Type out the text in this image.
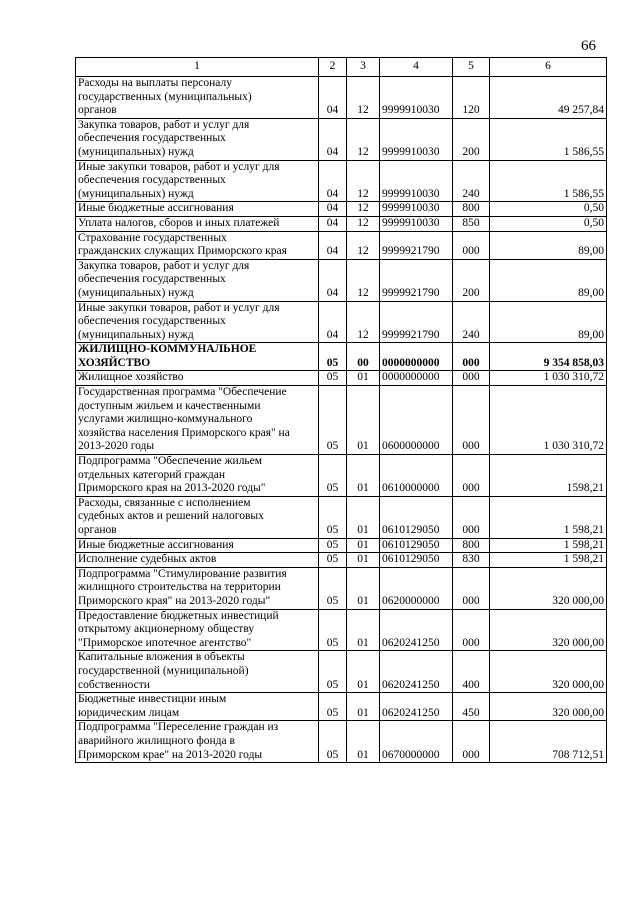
66
1	2	3	4	5	6

Расходы на выплаты персоналу
государственных (муниципальных)
органов	04	12	9999910030	120	49 257,84

Закупка товаров, работ и услуг для
обеспечения государственных
(муниципальных) нужд	04	12	9999910030	200	1 586,55

Иные закупки товаров, работ и услуг для
обеспечения государственных
(муниципальных) нужд	04	12	9999910030	240	1 586,55

Иные бюджетные ассигнования	04	12	9999910030	800	0,50

Уплата налогов, сборов и иных платежей	04	12	9999910030	850	0,50

Страхование государственных
гражданских служащих Приморского края	04	12	9999921790	000	89,00

Закупка товаров, работ и услуг для
обеспечения государственных
(муниципальных) нужд	04	12	9999921790	200	89,00

Иные закупки товаров, работ и услуг для
обеспечения государственных
(муниципальных) нужд	04	12	9999921790	240	89,00

ЖИЛИЩНО-КОММУНАЛЬНОЕ
ХОЗЯЙСТВО	05	00	0000000000	000	9 354 858,03

Жилищное хозяйство	05	01	0000000000	000	1 030 310,72

Государственная программа "Обеспечение
доступным жильем и качественными
услугами жилищно-коммунального
хозяйства населения Приморского края" на
2013-2020 годы	05	01	0600000000	000	1 030 310,72

Подпрограмма "Обеспечение жильем
отдельных категорий граждан
Приморского края на 2013-2020 годы"	05	01	0610000000	000	1598,21

Расходы, связанные с исполнением
судебных актов и решений налоговых
органов	05	01	0610129050	000	1 598,21

Иные бюджетные ассигнования	05	01	0610129050	800	1 598,21

Исполнение судебных актов	05	01	0610129050	830	1 598,21

Подпрограмма "Стимулирование развития
жилищного строительства на территории
Приморского края" на 2013-2020 годы"	05	01	0620000000	000	320 000,00

Предоставление бюджетных инвестиций
открытому акционерному обществу
"Приморское ипотечное агентство"	05	01	0620241250	000	320 000,00

Капитальные вложения в объекты
государственной (муниципальной)
собственности	05	01	0620241250	400	320 000,00

Бюджетные инвестиции иным
юридическим лицам	05	01	0620241250	450	320 000,00

Подпрограмма "Переселение граждан из
аварийного жилищного фонда в
Приморском крае" на 2013-2020 годы	05	01	0670000000	000	708 712,51
